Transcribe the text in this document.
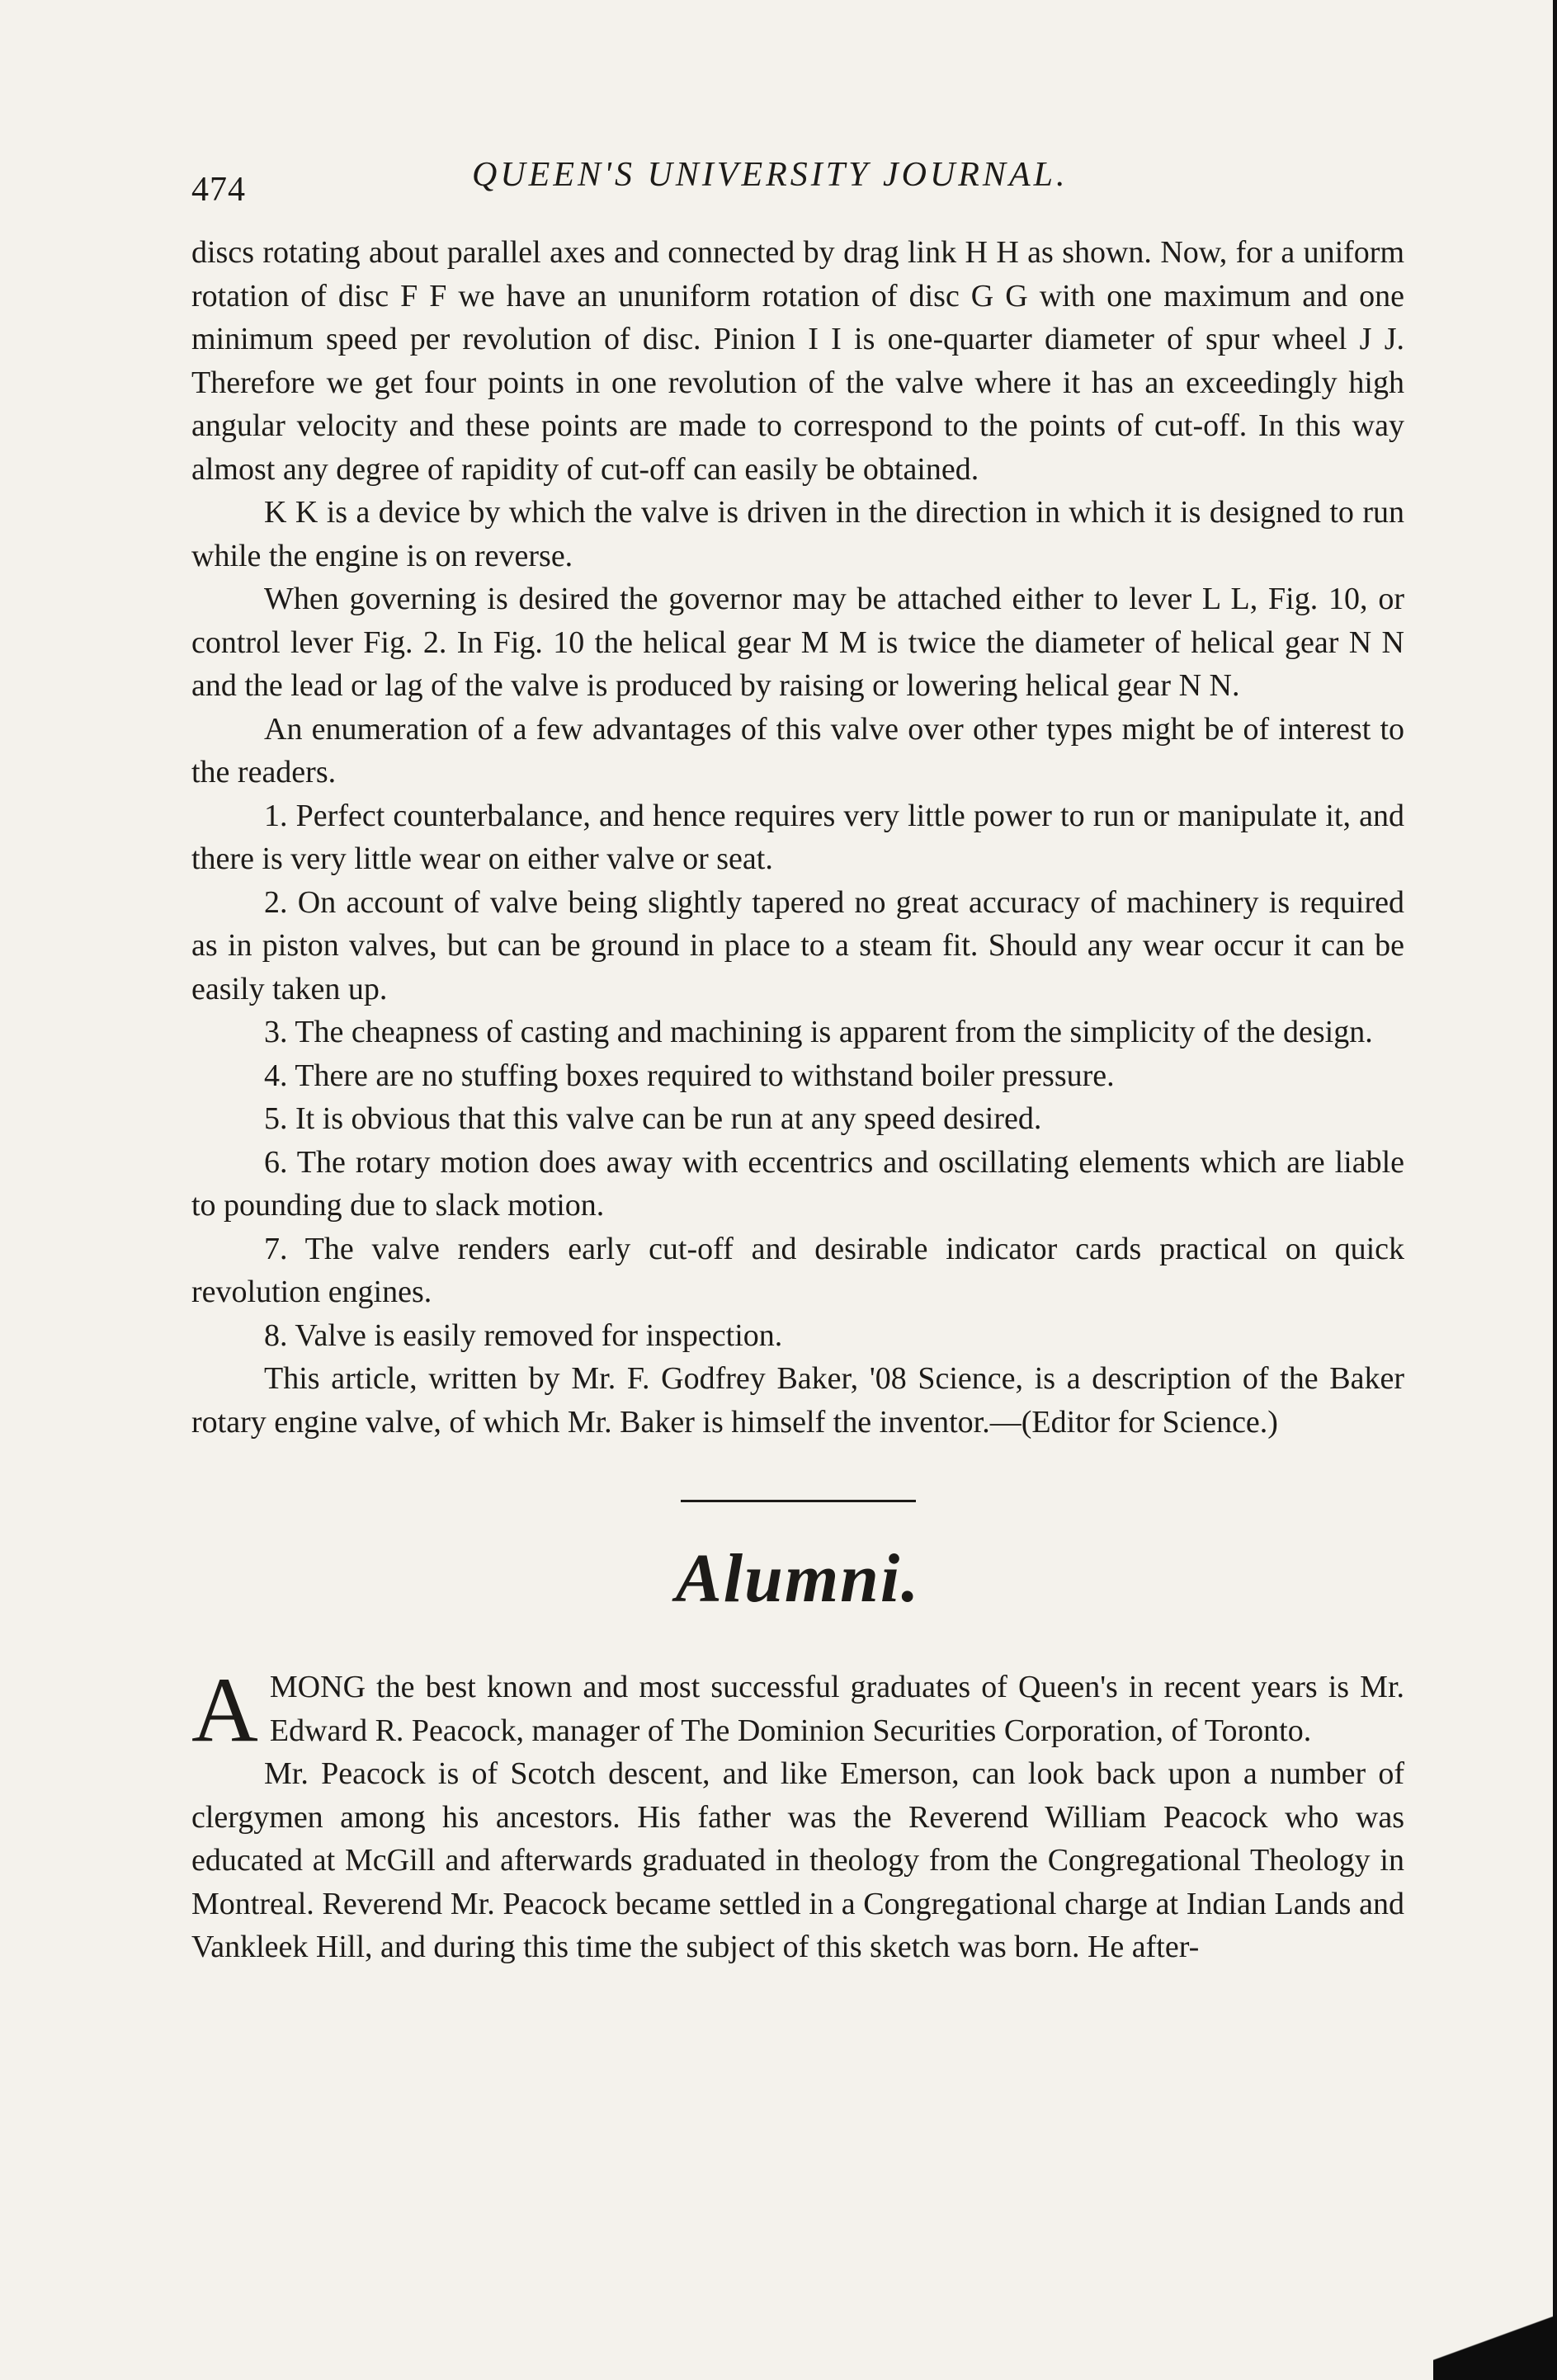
474	QUEEN'S UNIVERSITY JOURNAL.

discs rotating about parallel axes and connected by drag link H H as shown. Now, for a uniform rotation of disc F F we have an ununiform rotation of disc G G with one maximum and one minimum speed per revolution of disc. Pinion I I is one-quarter diameter of spur wheel J J. Therefore we get four points in one revolution of the valve where it has an exceedingly high angular velocity and these points are made to correspond to the points of cut-off. In this way almost any degree of rapidity of cut-off can easily be obtained.

K K is a device by which the valve is driven in the direction in which it is designed to run while the engine is on reverse.

When governing is desired the governor may be attached either to lever L L, Fig. 10, or control lever Fig. 2. In Fig. 10 the helical gear M M is twice the diameter of helical gear N N and the lead or lag of the valve is produced by raising or lowering helical gear N N.

An enumeration of a few advantages of this valve over other types might be of interest to the readers.

1. Perfect counterbalance, and hence requires very little power to run or manipulate it, and there is very little wear on either valve or seat.

2. On account of valve being slightly tapered no great accuracy of machinery is required as in piston valves, but can be ground in place to a steam fit. Should any wear occur it can be easily taken up.

3. The cheapness of casting and machining is apparent from the simplicity of the design.

4. There are no stuffing boxes required to withstand boiler pressure.

5. It is obvious that this valve can be run at any speed desired.

6. The rotary motion does away with eccentrics and oscillating elements which are liable to pounding due to slack motion.

7. The valve renders early cut-off and desirable indicator cards practical on quick revolution engines.

8. Valve is easily removed for inspection.

This article, written by Mr. F. Godfrey Baker, '08 Science, is a description of the Baker rotary engine valve, of which Mr. Baker is himself the inventor.—(Editor for Science.)

Alumni.

AMONG the best known and most successful graduates of Queen's in recent years is Mr. Edward R. Peacock, manager of The Dominion Securities Corporation, of Toronto.

Mr. Peacock is of Scotch descent, and like Emerson, can look back upon a number of clergymen among his ancestors. His father was the Reverend William Peacock who was educated at McGill and afterwards graduated in theology from the Congregational Theology in Montreal. Reverend Mr. Peacock became settled in a Congregational charge at Indian Lands and Vankleek Hill, and during this time the subject of this sketch was born. He after-
